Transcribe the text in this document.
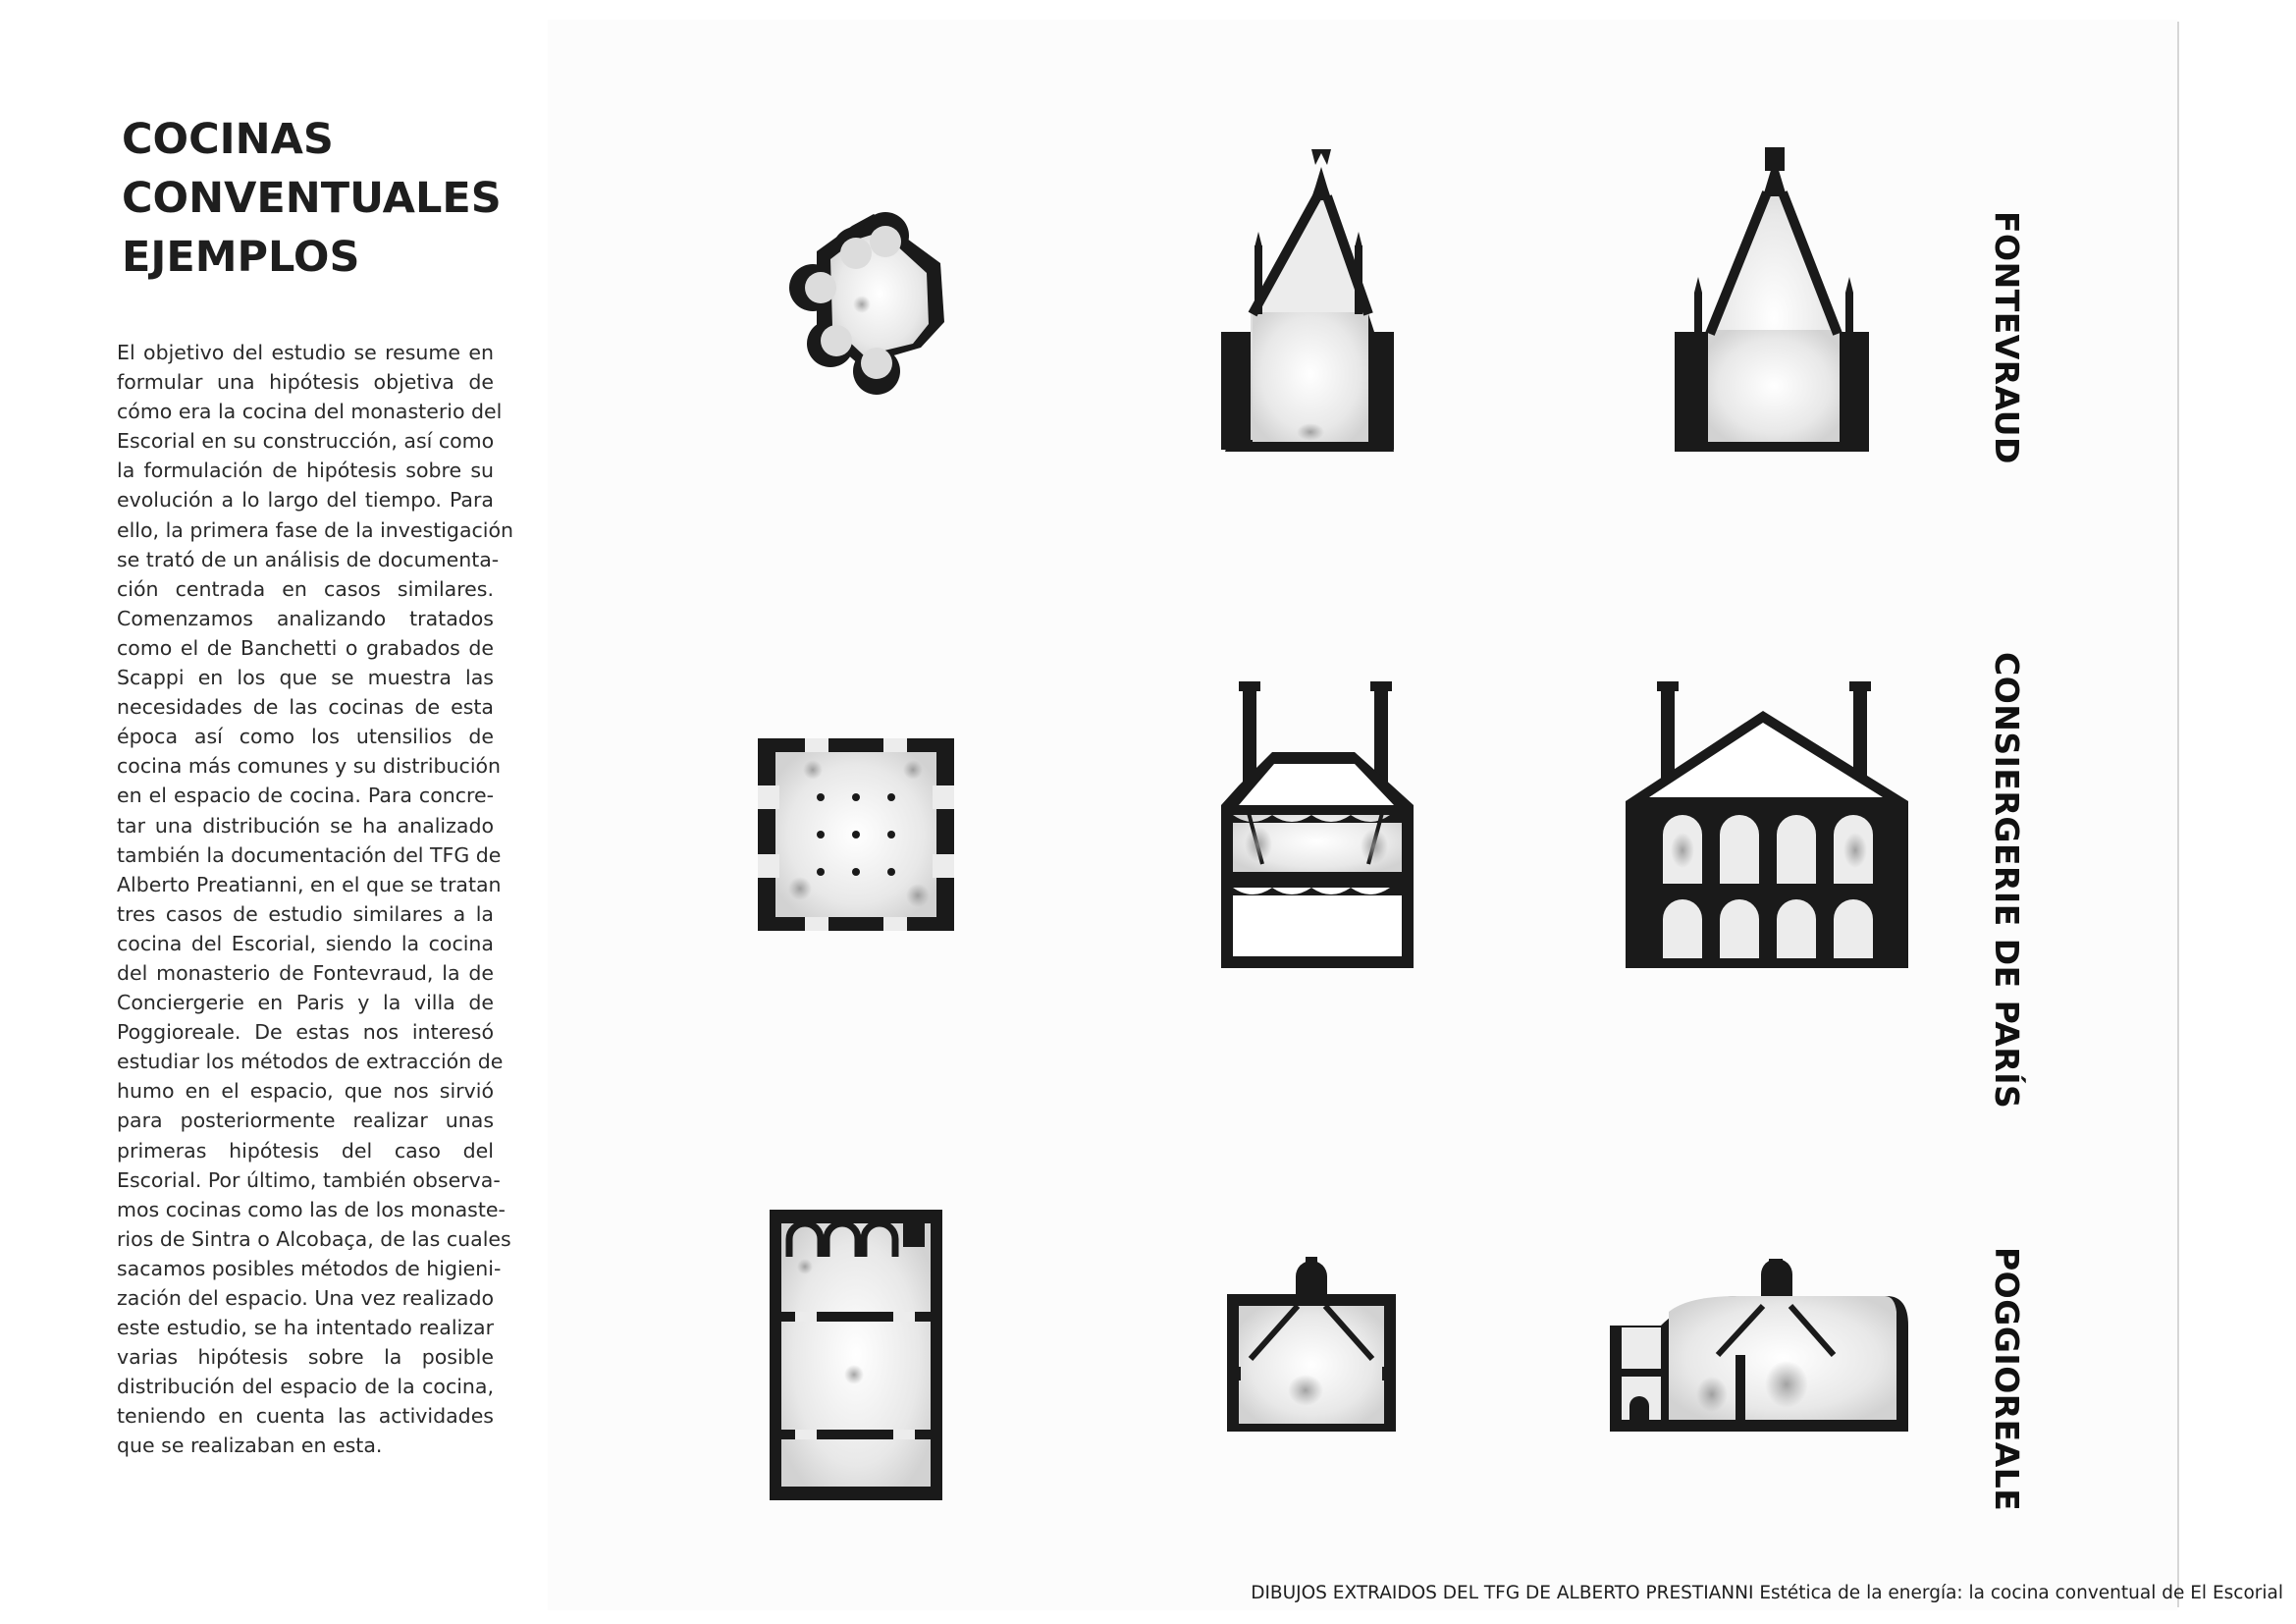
COCINAS
CONVENTUALES
EJEMPLOS
El objetivo del estudio se resume en
formular una hipótesis objetiva de
cómo era la cocina del monasterio del
Escorial en su construcción, así como
la formulación de hipótesis sobre su
evolución a lo largo del tiempo. Para
ello, la primera fase de la investigación
se trató de un análisis de documenta-
ción centrada en casos similares.
Comenzamos analizando tratados
como el de Banchetti o grabados de
Scappi en los que se muestra las
necesidades de las cocinas de esta
época así como los utensilios de
cocina más comunes y su distribución
en el espacio de cocina. Para concre-
tar una distribución se ha analizado
también la documentación del TFG de
Alberto Preatianni, en el que se tratan
tres casos de estudio similares a la
cocina del Escorial, siendo la cocina
del monasterio de Fontevraud, la de
Conciergerie en Paris y la villa de
Poggioreale. De estas nos interesó
estudiar los métodos de extracción de
humo en el espacio, que nos sirvió
para posteriormente realizar unas
primeras hipótesis del caso del
Escorial. Por último, también observa-
mos cocinas como las de los monaste-
rios de Sintra o Alcobaça, de las cuales
sacamos posibles métodos de higieni-
zación del espacio. Una vez realizado
este estudio, se ha intentado realizar
varias hipótesis sobre la posible
distribución del espacio de la cocina,
teniendo en cuenta las actividades
que se realizaban en esta.
FONTEVRAUD
CONSIERGERIE DE PARÍS
POGGIOREALE
DIBUJOS EXTRAIDOS DEL TFG DE ALBERTO PRESTIANNI Estética de la energía: la cocina conventual de El Escorial
